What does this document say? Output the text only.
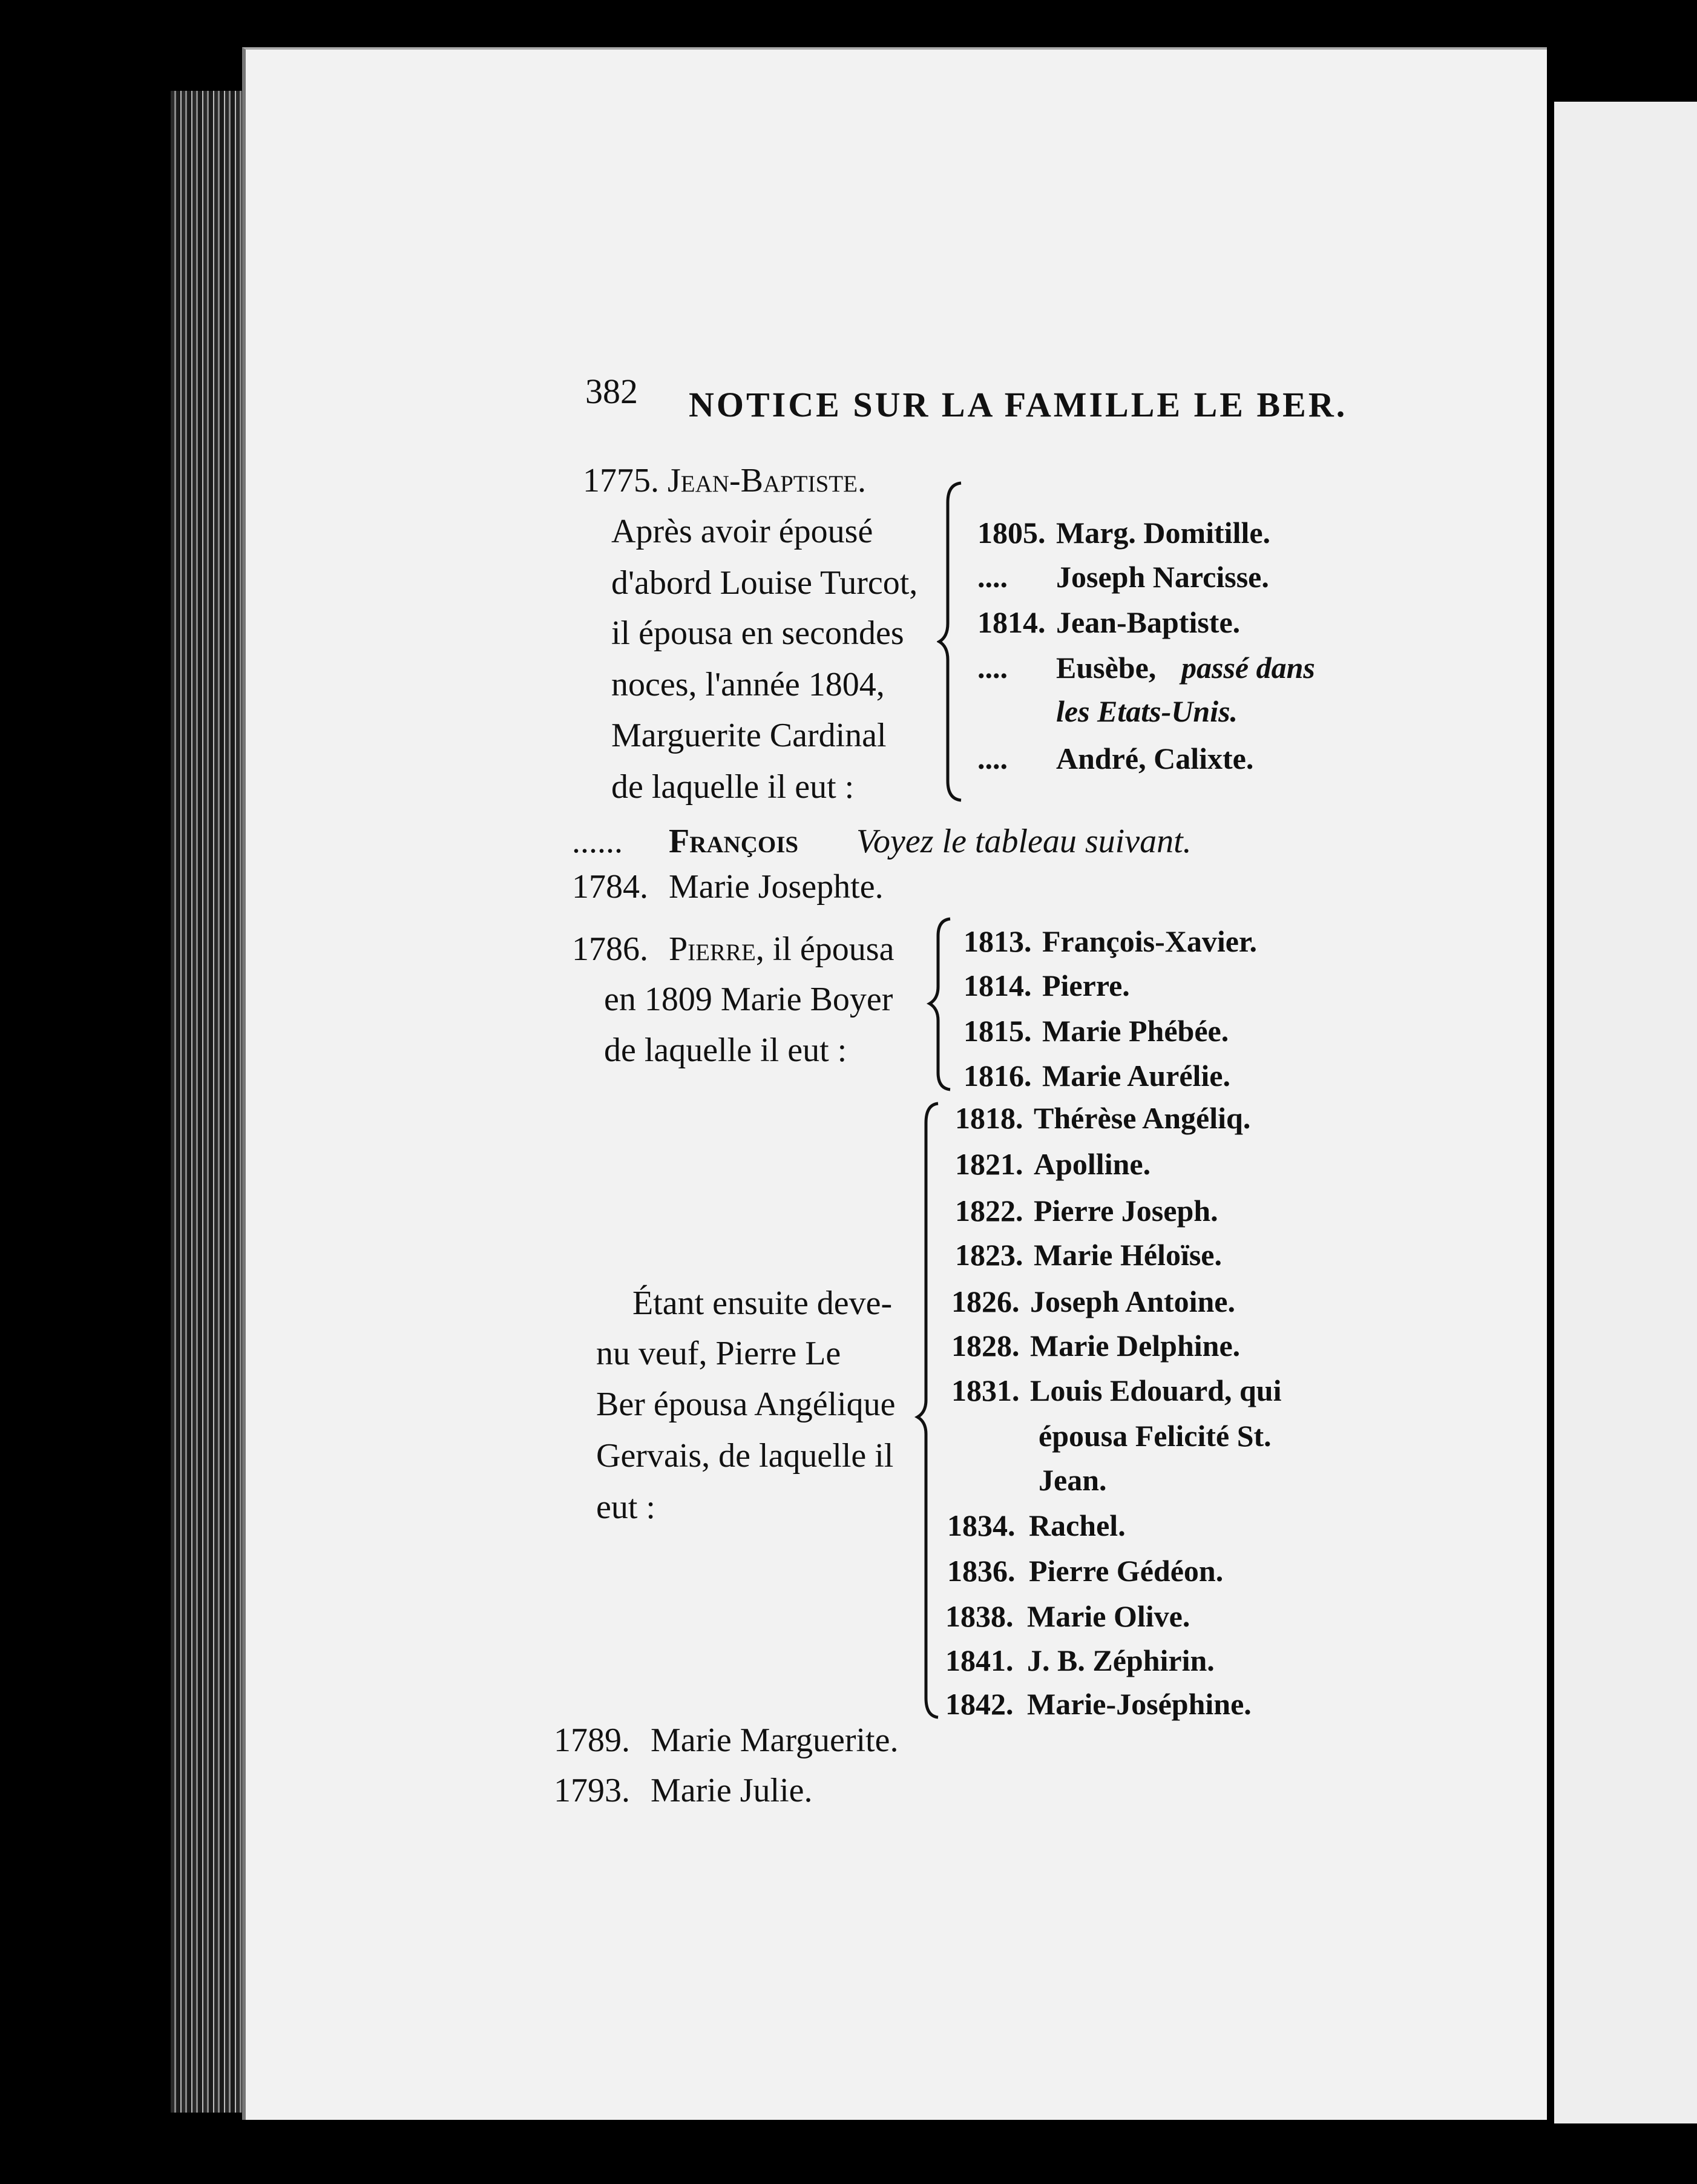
382 NOTICE SUR LA FAMILLE LE BER.
1775. Jean-Baptiste.
Après avoir épousé
d'abord Louise Turcot,
il épousa en secondes
noces, l'année 1804,
Marguerite Cardinal
de laquelle il eut :
1805. Marg. Domitille.
.... Joseph Narcisse.
1814. Jean-Baptiste.
.... Eusèbe, passé dans
les Etats-Unis.
.... André, Calixte.
...... François Voyez le tableau suivant.
1784. Marie Josephte.
1786. Pierre, il épousa
en 1809 Marie Boyer
de laquelle il eut :
1813. François-Xavier.
1814. Pierre.
1815. Marie Phébée.
1816. Marie Aurélie.
Étant ensuite deve-
nu veuf, Pierre Le
Ber épousa Angélique
Gervais, de laquelle il
eut :
1818. Thérèse Angéliq.
1821. Apolline.
1822. Pierre Joseph.
1823. Marie Héloïse.
1826. Joseph Antoine.
1828. Marie Delphine.
1831. Louis Edouard, qui
épousa Felicité St.
Jean.
1834. Rachel.
1836. Pierre Gédéon.
1838. Marie Olive.
1841. J. B. Zéphirin.
1842. Marie-Joséphine.
1789. Marie Marguerite.
1793. Marie Julie.
